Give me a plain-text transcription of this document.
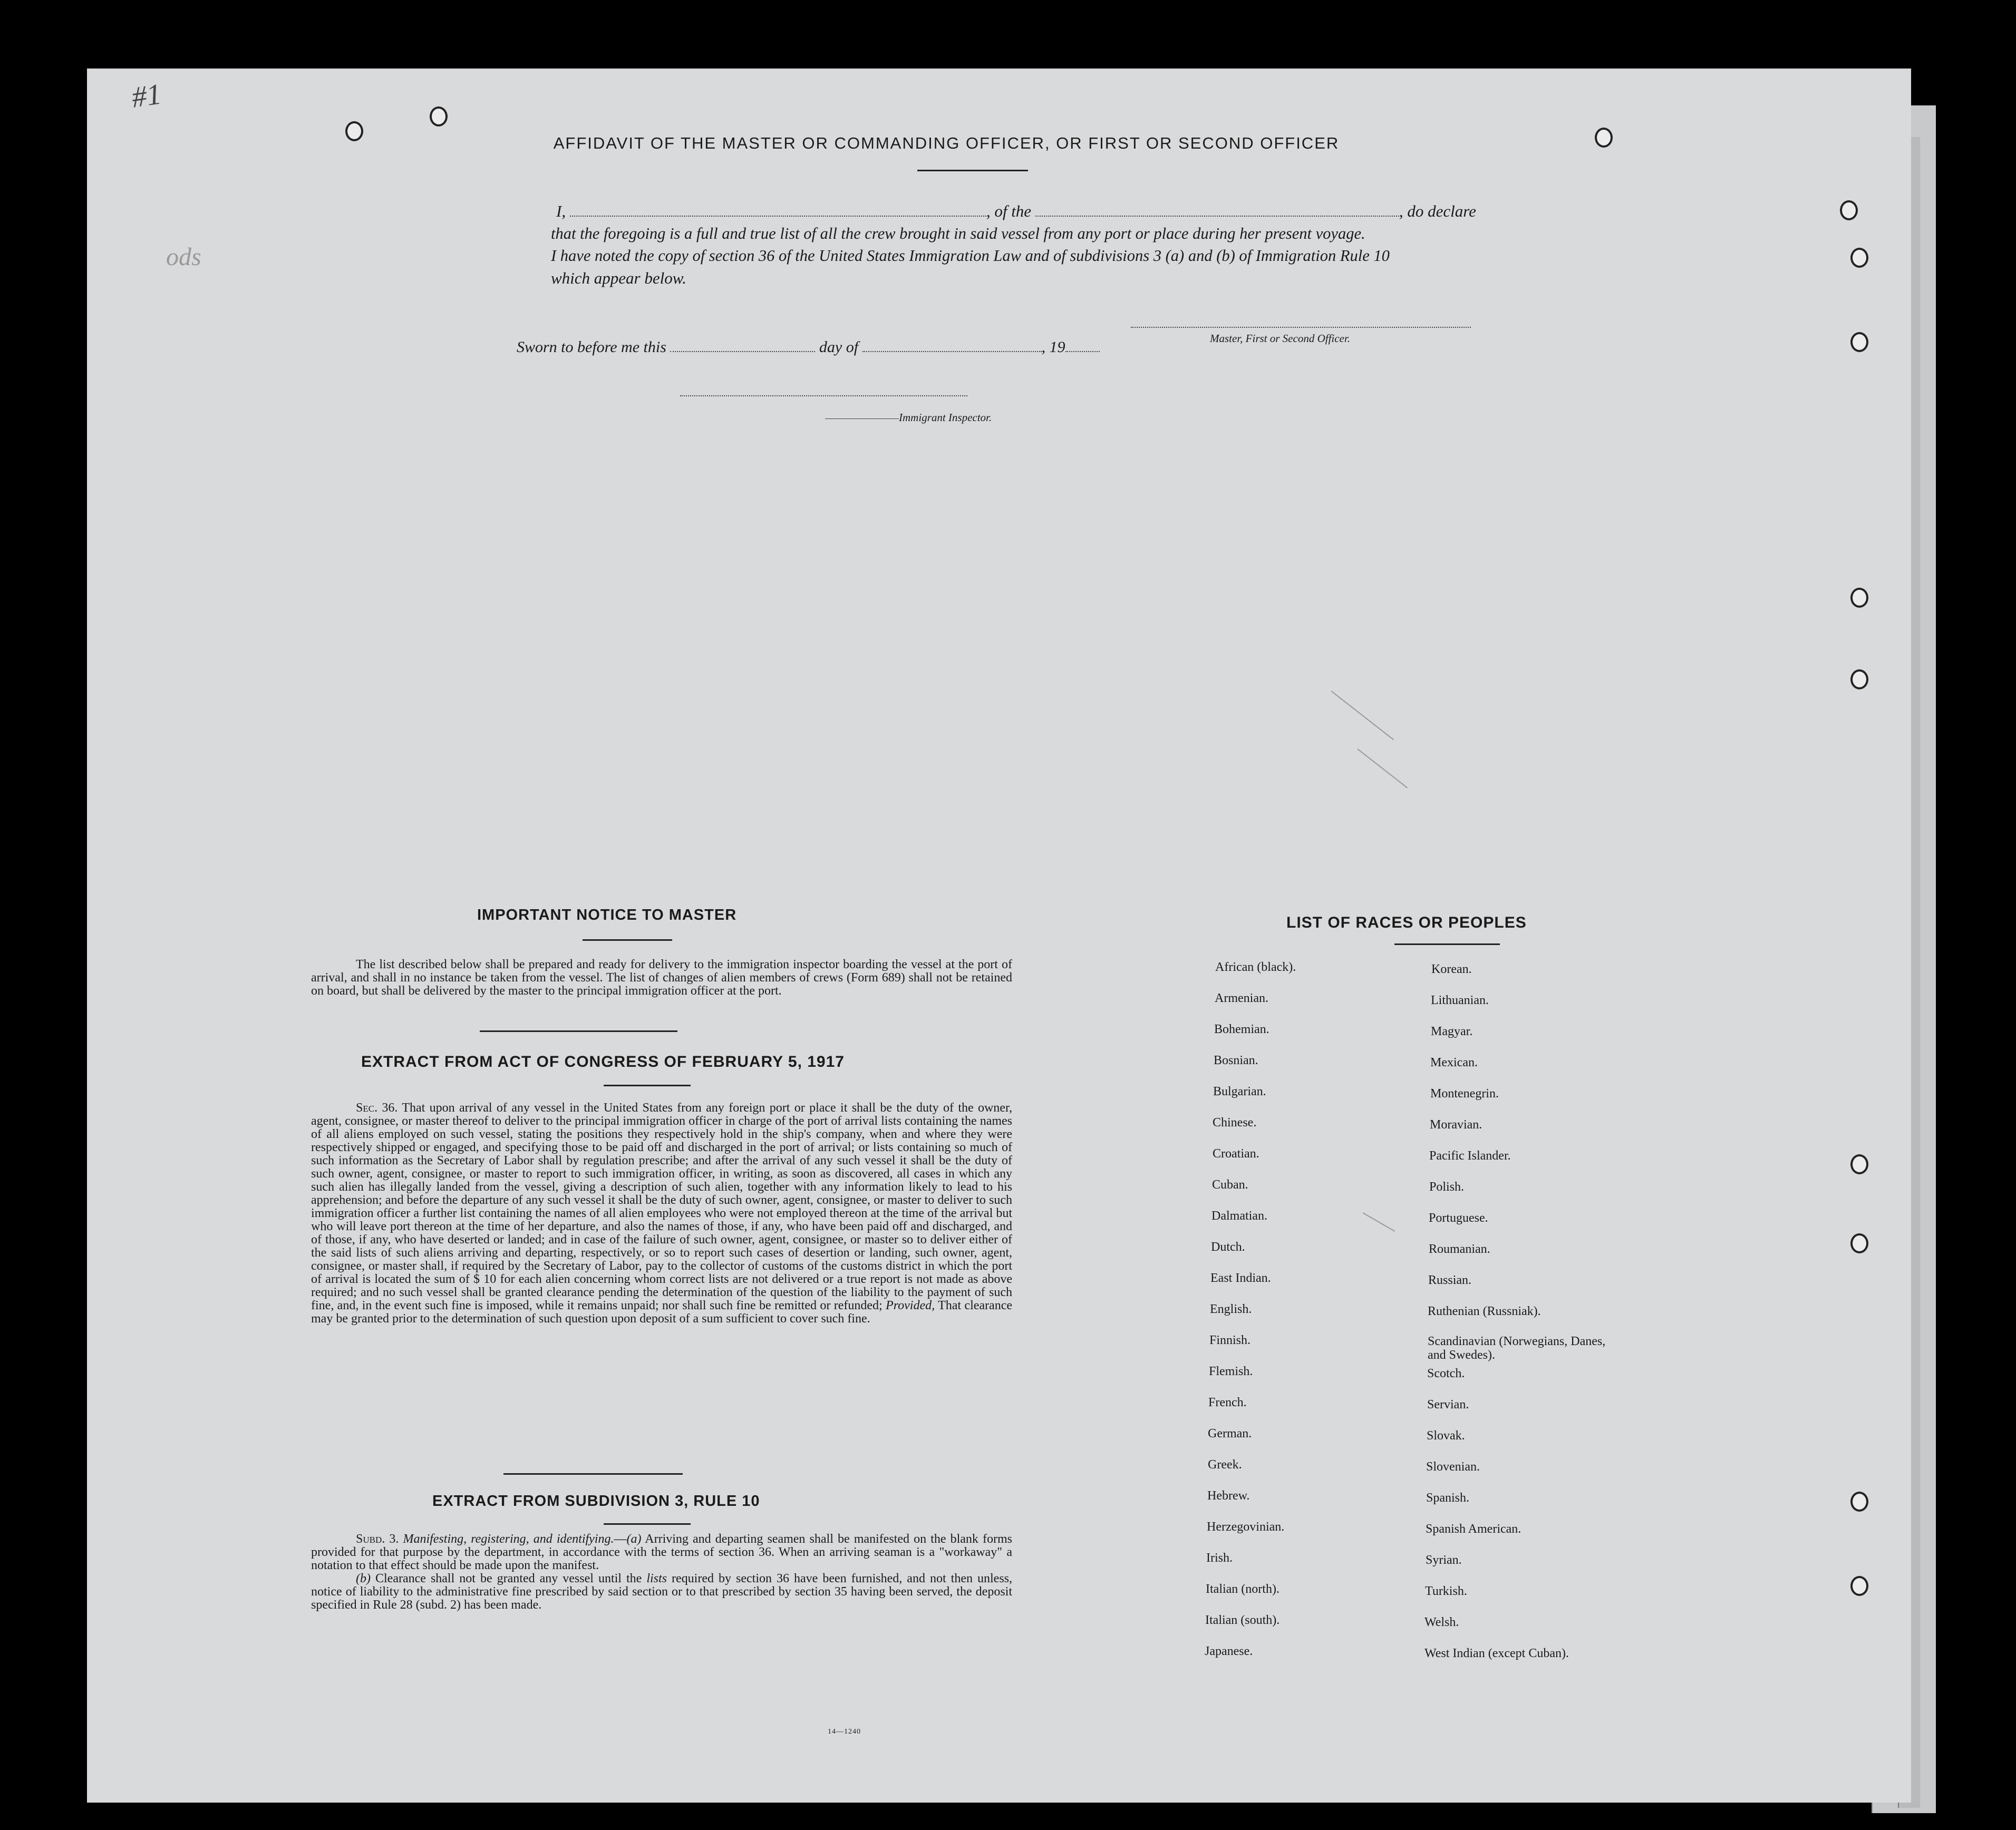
#1
ods
AFFIDAVIT OF THE MASTER OR COMMANDING OFFICER, OR FIRST OR SECOND OFFICER
I,	, of the	, do declare
that the foregoing is a full and true list of all the crew brought in said vessel from any port or place during her present voyage.
I have noted the copy of section 36 of the United States Immigration Law and of subdivisions 3 (a) and (b) of Immigration Rule 10
which appear below.
Master, First or Second Officer.
Sworn to before me this	day of	, 19
Immigrant Inspector.
IMPORTANT NOTICE TO MASTER

The list described below shall be prepared and ready for delivery to the immigration inspector boarding the vessel at the port of arrival, and shall in no instance be taken from the vessel. The list of changes of alien members of crews (Form 689) shall not be retained on board, but shall be delivered by the master to the principal immigration officer at the port.

EXTRACT FROM ACT OF CONGRESS OF FEBRUARY 5, 1917

Sec. 36. That upon arrival of any vessel in the United States from any foreign port or place it shall be the duty of the owner, agent, consignee, or master thereof to deliver to the principal immigration officer in charge of the port of arrival lists containing the names of all aliens employed on such vessel, stating the positions they respectively hold in the ship's company, when and where they were respectively shipped or engaged, and specifying those to be paid off and discharged in the port of arrival; or lists containing so much of such information as the Secretary of Labor shall by regulation prescribe; and after the arrival of any such vessel it shall be the duty of such owner, agent, consignee, or master to report to such immigration officer, in writing, as soon as discovered, all cases in which any such alien has illegally landed from the vessel, giving a description of such alien, together with any information likely to lead to his apprehension; and before the departure of any such vessel it shall be the duty of such owner, agent, consignee, or master to deliver to such immigration officer a further list containing the names of all alien employees who were not employed thereon at the time of the arrival but who will leave port thereon at the time of her departure, and also the names of those, if any, who have been paid off and discharged, and of those, if any, who have deserted or landed; and in case of the failure of such owner, agent, consignee, or master so to deliver either of the said lists of such aliens arriving and departing, respectively, or so to report such cases of desertion or landing, such owner, agent, consignee, or master shall, if required by the Secretary of Labor, pay to the collector of customs of the customs district in which the port of arrival is located the sum of $ 10 for each alien concerning whom correct lists are not delivered or a true report is not made as above required; and no such vessel shall be granted clearance pending the determination of the question of the liability to the payment of such fine, and, in the event such fine is imposed, while it remains unpaid; nor shall such fine be remitted or refunded; Provided, That clearance may be granted prior to the determination of such question upon deposit of a sum sufficient to cover such fine.

EXTRACT FROM SUBDIVISION 3, RULE 10

Subd. 3. Manifesting, registering, and identifying.—(a) Arriving and departing seamen shall be manifested on the blank forms provided for that purpose by the department, in accordance with the terms of section 36. When an arriving seaman is a "workaway" a notation to that effect should be made upon the manifest.

(b) Clearance shall not be granted any vessel until the lists required by section 36 have been furnished, and not then unless, notice of liability to the administrative fine prescribed by said section or to that prescribed by section 35 having been served, the deposit specified in Rule 28 (subd. 2) has been made.

14—1240
LIST OF RACES OR PEOPLES
African (black).
Armenian.
Bohemian.
Bosnian.
Bulgarian.
Chinese.
Croatian.
Cuban.
Dalmatian.
Dutch.
East Indian.
English.
Finnish.
Flemish.
French.
German.
Greek.
Hebrew.
Herzegovinian.
Irish.
Italian (north).
Italian (south).
Japanese.
Korean.
Lithuanian.
Magyar.
Mexican.
Montenegrin.
Moravian.
Pacific Islander.
Polish.
Portuguese.
Roumanian.
Russian.
Ruthenian (Russniak).
Scandinavian (Norwegians, Danes, and Swedes).
Scotch.
Servian.
Slovak.
Slovenian.
Spanish.
Spanish American.
Syrian.
Turkish.
Welsh.
West Indian (except Cuban).
